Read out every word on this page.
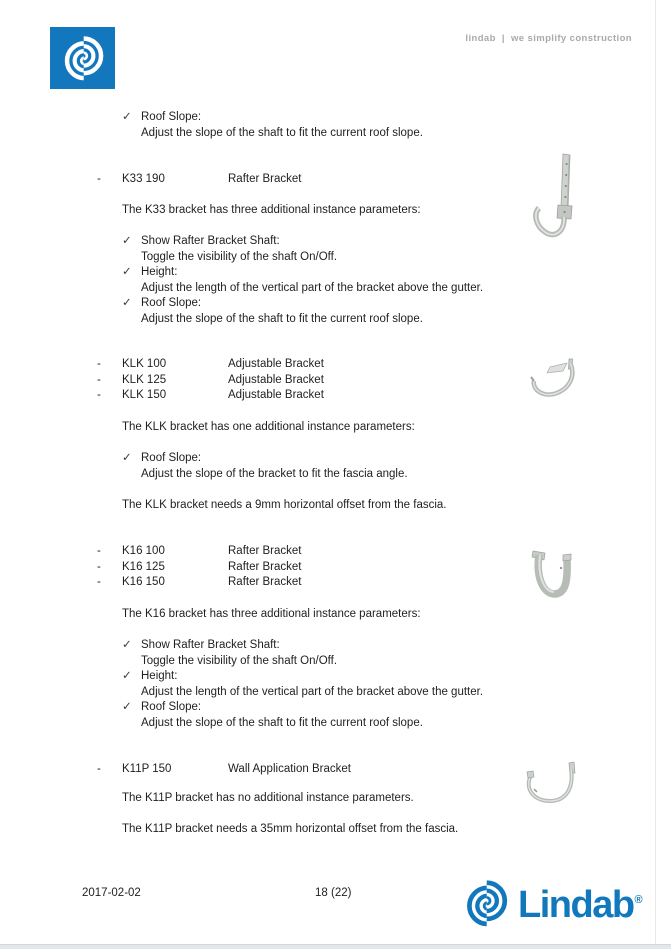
lindab  |  we simplify construction
✓ Roof Slope:
Adjust the slope of the shaft to fit the current roof slope.
-	K33 190	Rafter Bracket
The K33 bracket has three additional instance parameters:
✓ Show Rafter Bracket Shaft:
Toggle the visibility of the shaft On/Off.
✓ Height:
Adjust the length of the vertical part of the bracket above the gutter.
✓ Roof Slope:
Adjust the slope of the shaft to fit the current roof slope.
-	KLK 100	Adjustable Bracket
-	KLK 125	Adjustable Bracket
-	KLK 150	Adjustable Bracket
The KLK bracket has one additional instance parameters:
✓ Roof Slope:
Adjust the slope of the bracket to fit the fascia angle.
The KLK bracket needs a 9mm horizontal offset from the fascia.
-	K16 100	Rafter Bracket
-	K16 125	Rafter Bracket
-	K16 150	Rafter Bracket
The K16 bracket has three additional instance parameters:
✓ Show Rafter Bracket Shaft:
Toggle the visibility of the shaft On/Off.
✓ Height:
Adjust the length of the vertical part of the bracket above the gutter.
✓ Roof Slope:
Adjust the slope of the shaft to fit the current roof slope.
-	K11P 150	Wall Application Bracket
The K11P bracket has no additional instance parameters.
The K11P bracket needs a 35mm horizontal offset from the fascia.
2017-02-02	18 (22)	Lindab®
